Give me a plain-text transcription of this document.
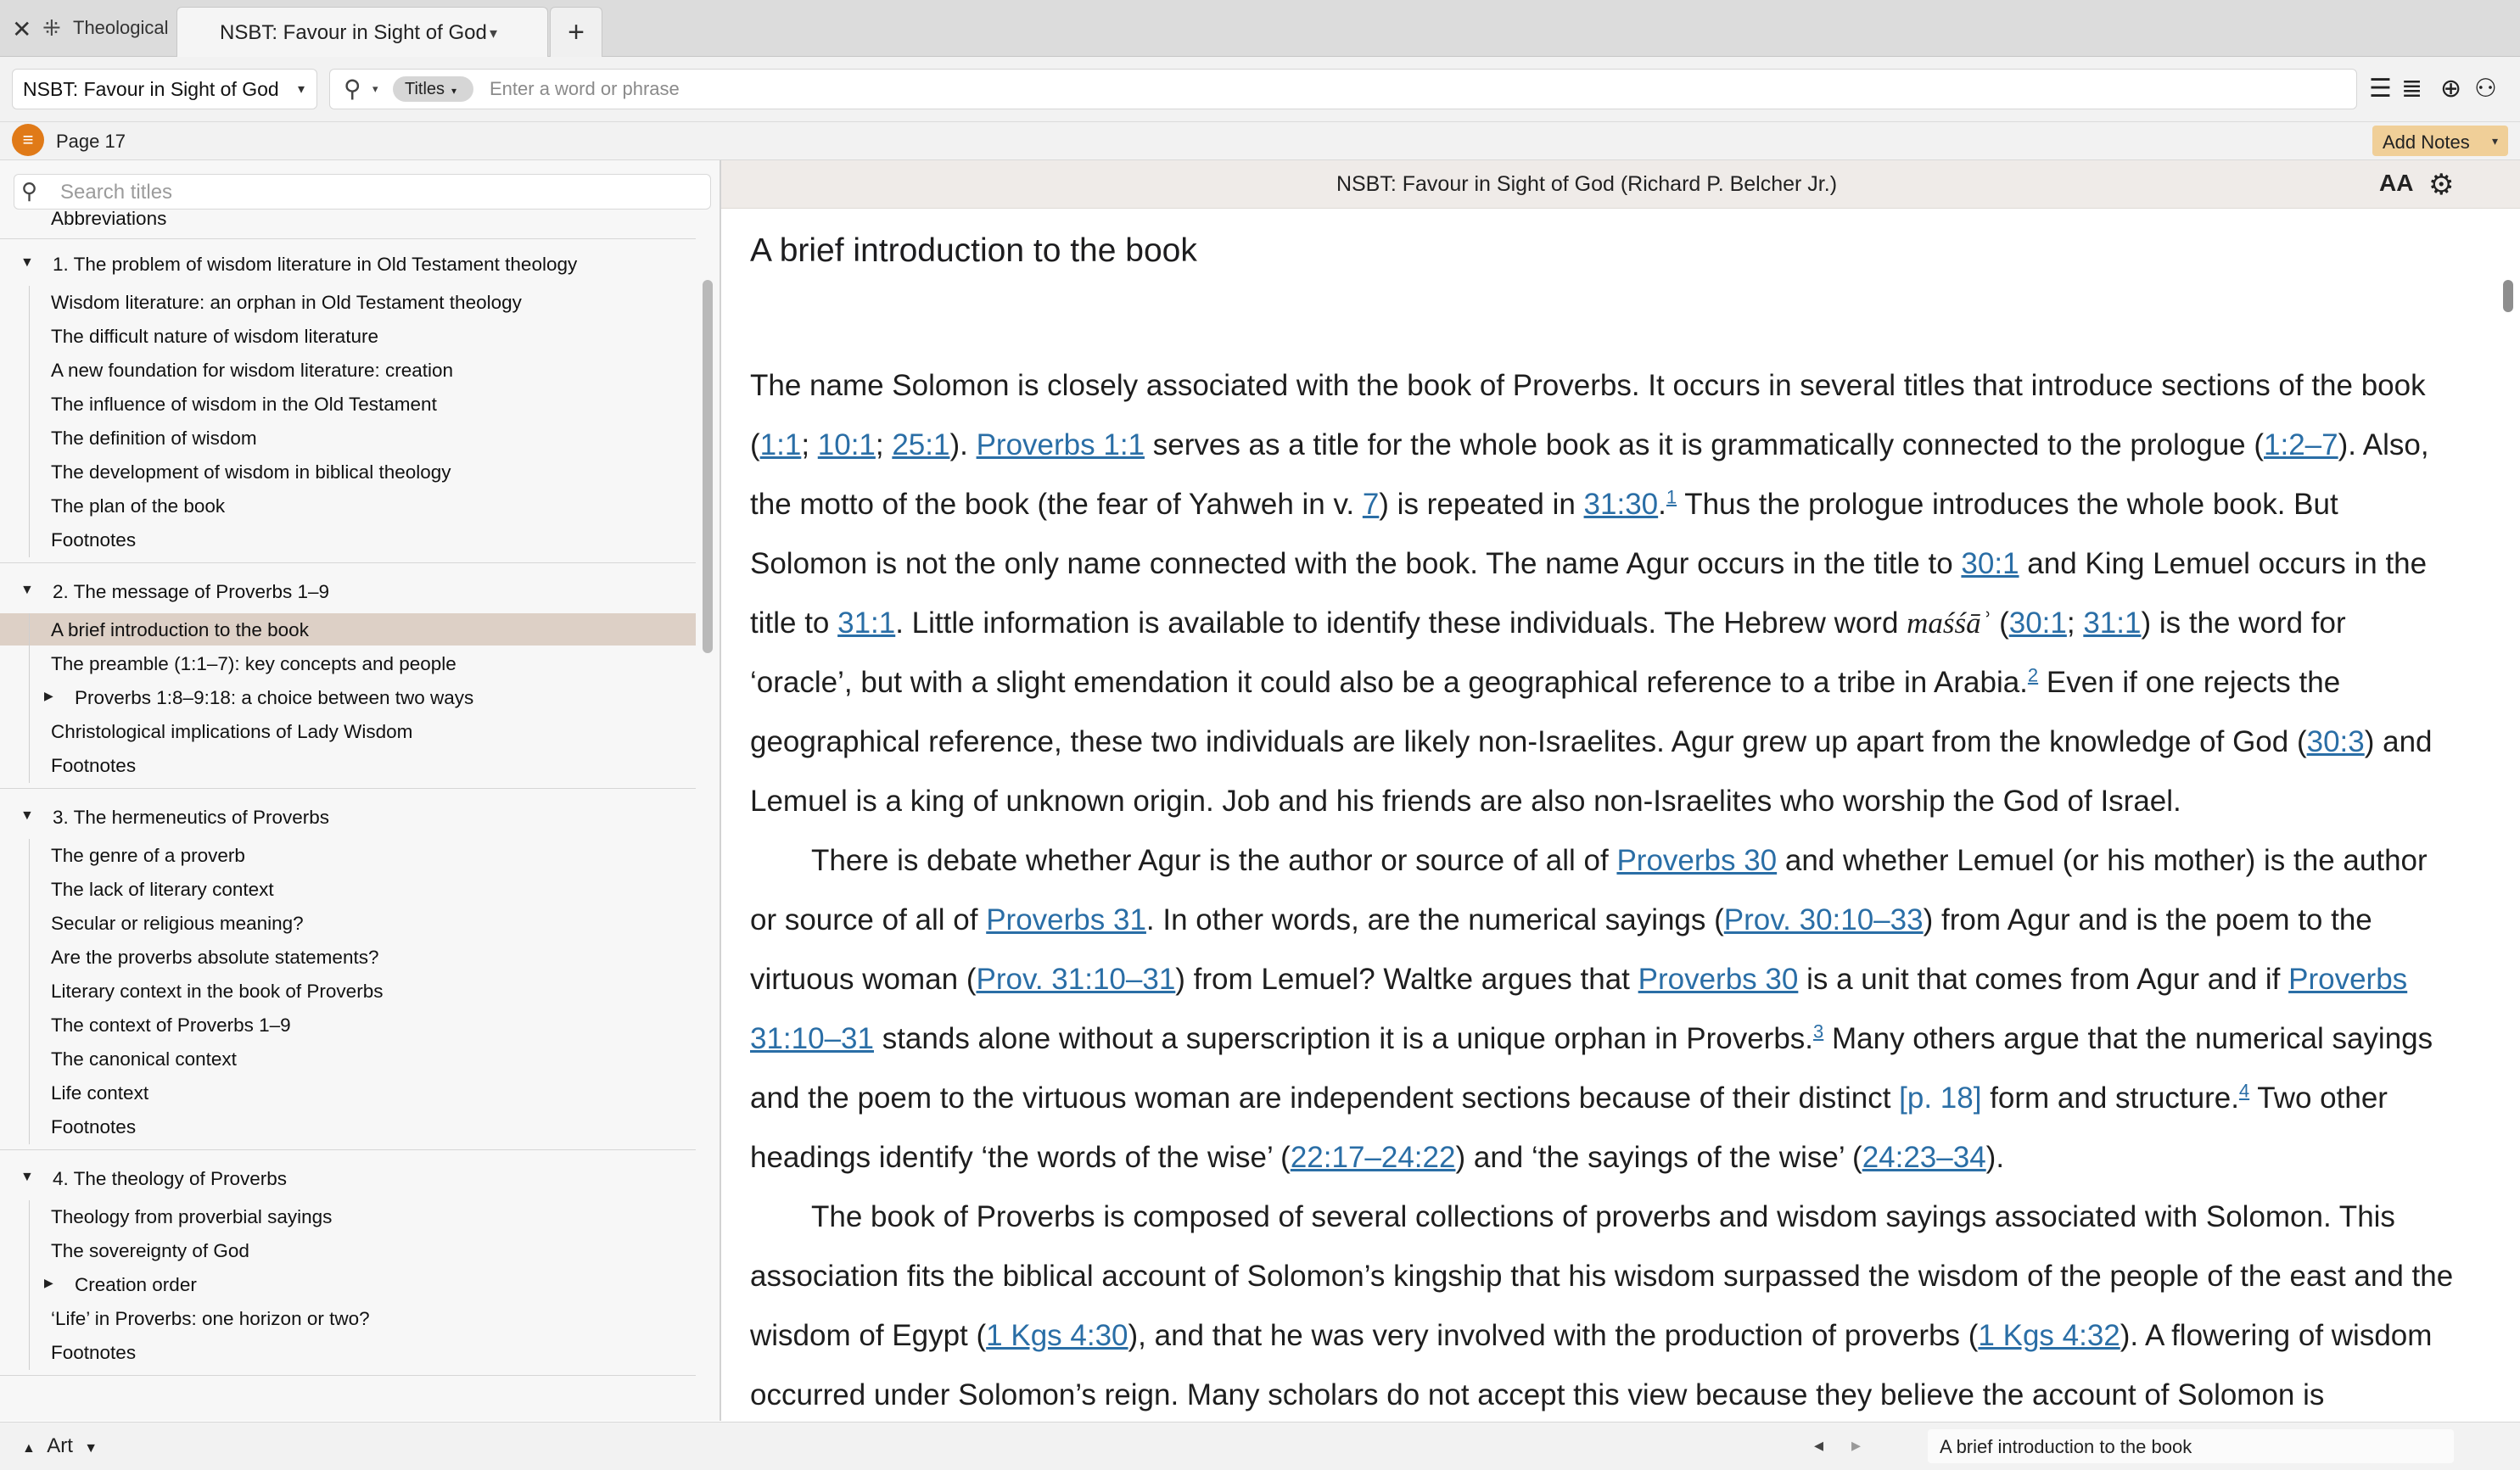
✕ ⁜ Theological	NSBT: Favour in Sight of God ▾	+
NSBT: Favour in Sight of God ▾ ⚲ ▾	Titles ▾
Enter a word or phrase	☰ ≣ ⊕ ⚇
≡	Page 17	Add Notes ▾
⚲
Search titles
Abbreviations
▼ 1. The problem of wisdom literature in Old Testament theology
Wisdom literature: an orphan in Old Testament theology
The difficult nature of wisdom literature
A new foundation for wisdom literature: creation
The influence of wisdom in the Old Testament
The definition of wisdom
The development of wisdom in biblical theology
The plan of the book
Footnotes
▼ 2. The message of Proverbs 1–9
A brief introduction to the book
The preamble (1:1–7): key concepts and people
▶ Proverbs 1:8–9:18: a choice between two ways
Christological implications of Lady Wisdom
Footnotes
▼ 3. The hermeneutics of Proverbs
The genre of a proverb
The lack of literary context
Secular or religious meaning?
Are the proverbs absolute statements?
Literary context in the book of Proverbs
The context of Proverbs 1–9
The canonical context
Life context
Footnotes
▼ 4. The theology of Proverbs
Theology from proverbial sayings
The sovereignty of God
▶ Creation order
‘Life’ in Proverbs: one horizon or two?
Footnotes
NSBT: Favour in Sight of God (Richard P. Belcher Jr.)	AA ⚙
A brief introduction to the book

The name Solomon is closely associated with the book of Proverbs. It occurs in several titles that introduce sections of the book (1:1; 10:1; 25:1). Proverbs 1:1 serves as a title for the whole book as it is grammatically connected to the prologue (1:2–7). Also, the motto of the book (the fear of Yahweh in v. 7) is repeated in 31:30.$^1$ Thus the prologue introduces the whole book. But Solomon is not the only name connected with the book. The name Agur occurs in the title to 30:1 and King Lemuel occurs in the title to 31:1. Little information is available to identify these individuals. The Hebrew word maśśāʾ (30:1; 31:1) is the word for ‘oracle’, but with a slight emendation it could also be a geographical reference to a tribe in Arabia.$^2$ Even if one rejects the geographical reference, these two individuals are likely non-Israelites. Agur grew up apart from the knowledge of God (30:3) and Lemuel is a king of unknown origin. Job and his friends are also non-Israelites who worship the God of Israel.

There is debate whether Agur is the author or source of all of Proverbs 30 and whether Lemuel (or his mother) is the author or source of all of Proverbs 31. In other words, are the numerical sayings (Prov. 30:10–33) from Agur and is the poem to the virtuous woman (Prov. 31:10–31) from Lemuel? Waltke argues that Proverbs 30 is a unit that comes from Agur and if Proverbs 31:10–31 stands alone without a superscription it is a unique orphan in Proverbs.$^3$ Many others argue that the numerical sayings and the poem to the virtuous woman are independent sections because of their distinct [p. 18] form and structure.$^4$ Two other headings identify ‘the words of the wise’ (22:17–24:22) and ‘the sayings of the wise’ (24:23–34).

The book of Proverbs is composed of several collections of proverbs and wisdom sayings associated with Solomon. This association fits the biblical account of Solomon’s kingship that his wisdom surpassed the wisdom of the people of the east and the wisdom of Egypt (1 Kgs 4:30), and that he was very involved with the production of proverbs (1 Kgs 4:32). A flowering of wisdom occurred under Solomon’s reign. Many scholars do not accept this view because they believe the account of Solomon is

▲ Art ▼	◂ ▸	A brief introduction to the book
